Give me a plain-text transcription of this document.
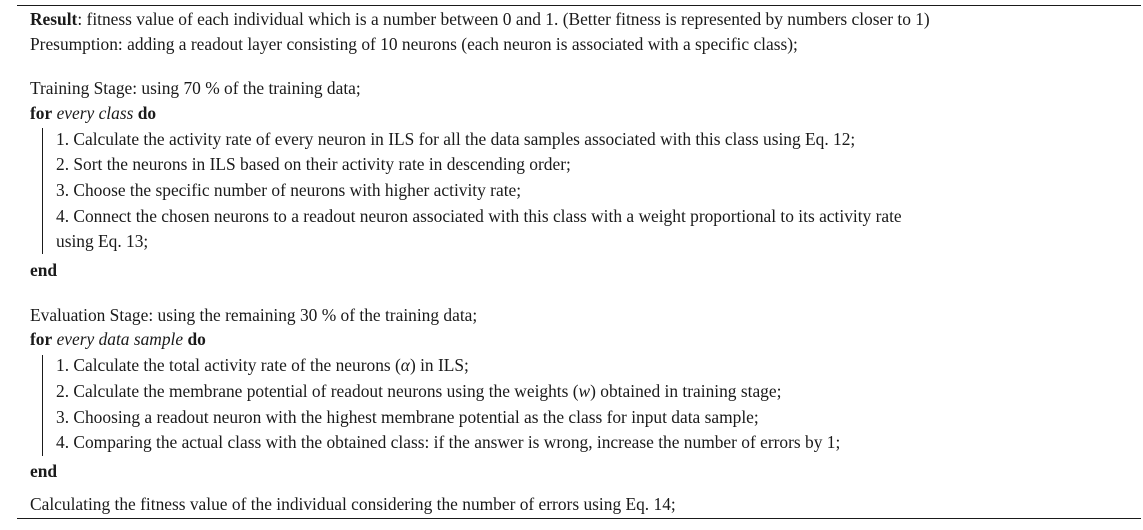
Result: fitness value of each individual which is a number between 0 and 1. (Better fitness is represented by numbers closer to 1)
Presumption: adding a readout layer consisting of 10 neurons (each neuron is associated with a specific class);
Training Stage: using 70 % of the training data;
for every class do
1. Calculate the activity rate of every neuron in ILS for all the data samples associated with this class using Eq. 12;
2. Sort the neurons in ILS based on their activity rate in descending order;
3. Choose the specific number of neurons with higher activity rate;
4. Connect the chosen neurons to a readout neuron associated with this class with a weight proportional to its activity rate
using Eq. 13;
end
Evaluation Stage: using the remaining 30 % of the training data;
for every data sample do
1. Calculate the total activity rate of the neurons (α) in ILS;
2. Calculate the membrane potential of readout neurons using the weights (w) obtained in training stage;
3. Choosing a readout neuron with the highest membrane potential as the class for input data sample;
4. Comparing the actual class with the obtained class: if the answer is wrong, increase the number of errors by 1;
end
Calculating the fitness value of the individual considering the number of errors using Eq. 14;
